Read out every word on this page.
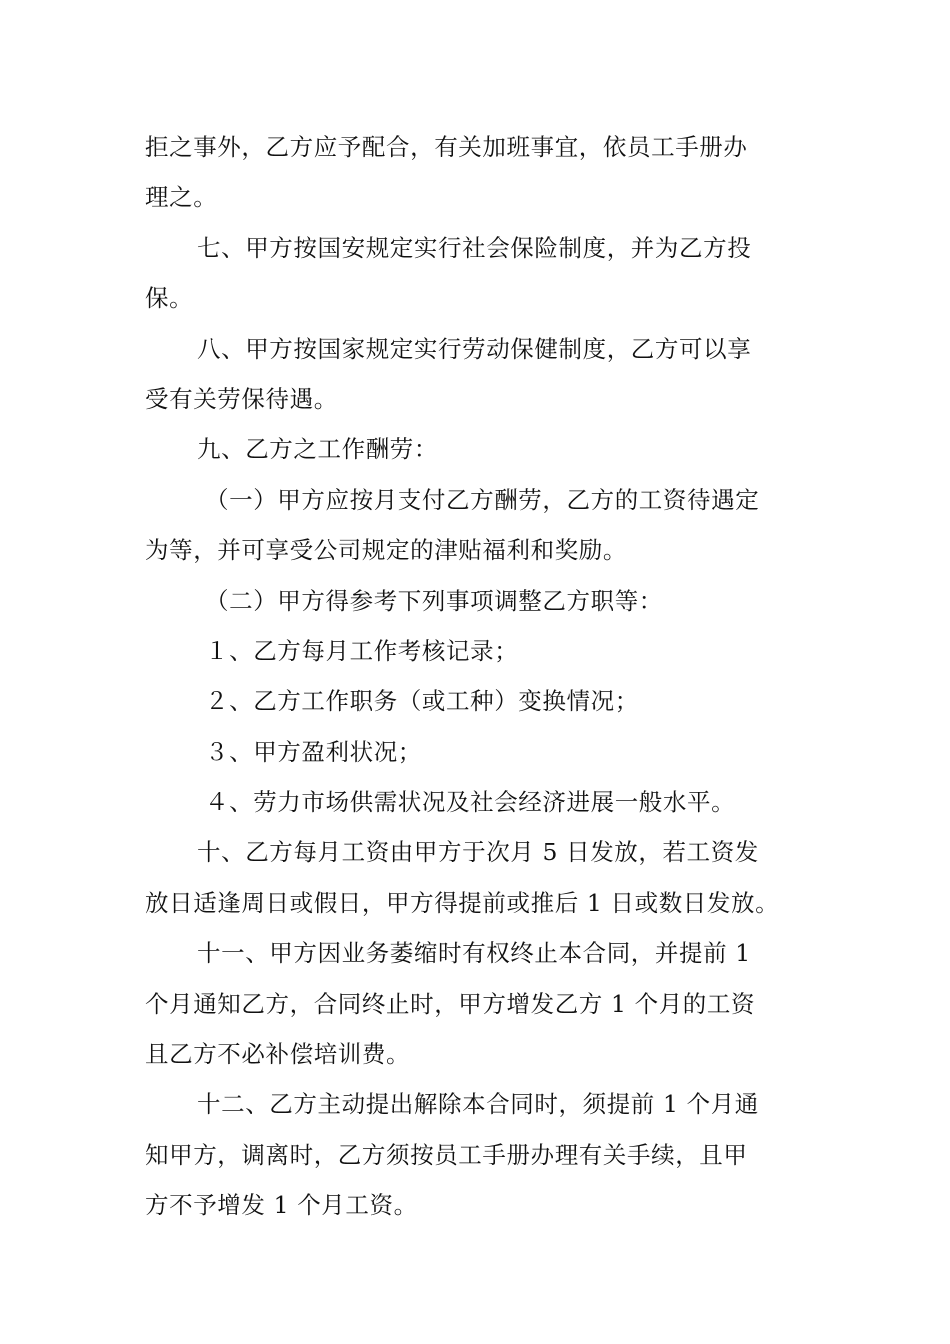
拒之事外，乙方应予配合，有关加班事宜，依员工手册办
理之。
七、甲方按国安规定实行社会保险制度，并为乙方投
保。
八、甲方按国家规定实行劳动保健制度，乙方可以享
受有关劳保待遇。
九、乙方之工作酬劳：
（一）甲方应按月支付乙方酬劳，乙方的工资待遇定
为等，并可享受公司规定的津贴福利和奖励。
（二）甲方得参考下列事项调整乙方职等：
１、乙方每月工作考核记录；
２、乙方工作职务（或工种）变换情况；
３、甲方盈利状况；
４、劳力市场供需状况及社会经济进展一般水平。
十、乙方每月工资由甲方于次月 5 日发放，若工资发
放日适逢周日或假日，甲方得提前或推后 1 日或数日发放。
十一、甲方因业务萎缩时有权终止本合同，并提前 1
个月通知乙方，合同终止时，甲方增发乙方 1 个月的工资
且乙方不必补偿培训费。
十二、乙方主动提出解除本合同时，须提前 1 个月通
知甲方，调离时，乙方须按员工手册办理有关手续，且甲
方不予增发 1 个月工资。
